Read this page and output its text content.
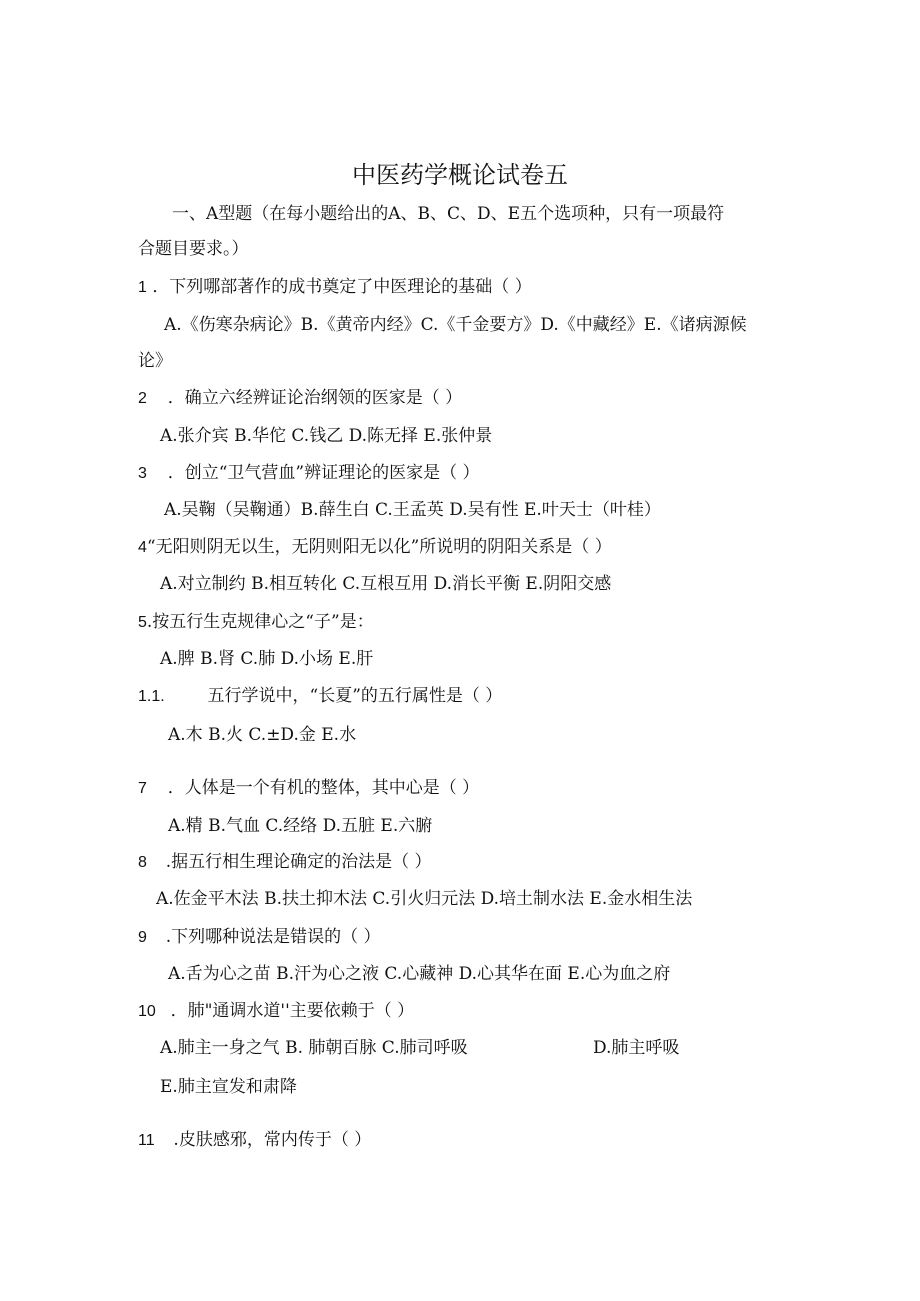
中医药学概论试卷五
一、A型题（在每小题给出的A、B、C、D、E五个选项种，只有一项最符
合题目要求。）
1 ．下列哪部著作的成书奠定了中医理论的基础（ ）
A.《伤寒杂病论》B.《黄帝内经》C.《千金要方》D.《中藏经》E.《诸病源候
论》
2 ．确立六经辨证论治纲领的医家是（ ）
A.张介宾 B.华佗 C.钱乙 D.陈无择 E.张仲景
3 ．创立“卫气营血”辨证理论的医家是（ ）
A.吴鞠（吴鞠通）B.薛生白 C.王孟英 D.吴有性 E.叶天士（叶桂）
4“无阳则阴无以生，无阴则阳无以化”所说明的阴阳关系是（ ）
A.对立制约 B.相互转化 C.互根互用 D.消长平衡 E.阴阳交感
5.按五行生克规律心之“子”是：
A.脾 B.肾 C.肺 D.小场 E.肝
1.1.	五行学说中，“长夏”的五行属性是（ ）
A.木 B.火 C.±D.金 E.水
7 ．人体是一个有机的整体，其中心是（ ）
A.精 B.气血 C.经络 D.五脏 E.六腑
8 .据五行相生理论确定的治法是（ ）
A.佐金平木法 B.扶土抑木法 C.引火归元法 D.培土制水法 E.金水相生法
9 .下列哪种说法是错误的（ ）
A.舌为心之苗 B.汗为心之液 C.心藏神 D.心其华在面 E.心为血之府
10 ．肺"通调水道''主要依赖于（ ）
A.肺主一身之气 B. 肺朝百脉 C.肺司呼吸	D.肺主呼吸
E.肺主宣发和肃降
11 .皮肤感邪，常内传于（ ）
